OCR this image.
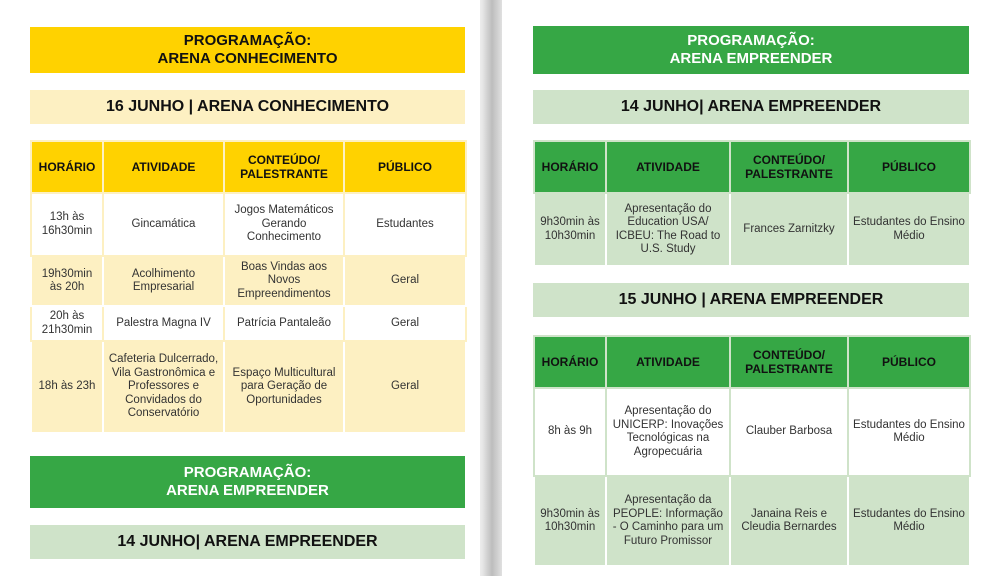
PROGRAMAÇÃO:
ARENA CONHECIMENTO
16 JUNHO | ARENA CONHECIMENTO
HORÁRIO	ATIVIDADE	CONTEÚDO/ PALESTRANTE	PÚBLICO
13h às 16h30min	Gincamática	Jogos Matemáticos Gerando Conhecimento	Estudantes
19h30min às 20h	Acolhimento Empresarial	Boas Vindas aos Novos Empreendimentos	Geral
20h às 21h30min	Palestra Magna IV	Patrícia Pantaleão	Geral
18h às 23h	Cafeteria Dulcerrado, Vila Gastronômica e Professores e Convidados do Conservatório	Espaço Multicultural para Geração de Oportunidades	Geral
PROGRAMAÇÃO:
ARENA EMPREENDER
14 JUNHO| ARENA EMPREENDER
PROGRAMAÇÃO:
ARENA EMPREENDER
14 JUNHO| ARENA EMPREENDER
HORÁRIO	ATIVIDADE	CONTEÚDO/ PALESTRANTE	PÚBLICO
9h30min às 10h30min	Apresentação do Education USA/ ICBEU: The Road to U.S. Study	Frances Zarnitzky	Estudantes do Ensino Médio
15 JUNHO | ARENA EMPREENDER
HORÁRIO	ATIVIDADE	CONTEÚDO/ PALESTRANTE	PÚBLICO
8h às 9h	Apresentação do UNICERP: Inovações Tecnológicas na Agropecuária	Clauber Barbosa	Estudantes do Ensino Médio
9h30min às 10h30min	Apresentação da PEOPLE: Informação - O Caminho para um Futuro Promissor	Janaina Reis e Cleudia Bernardes	Estudantes do Ensino Médio
